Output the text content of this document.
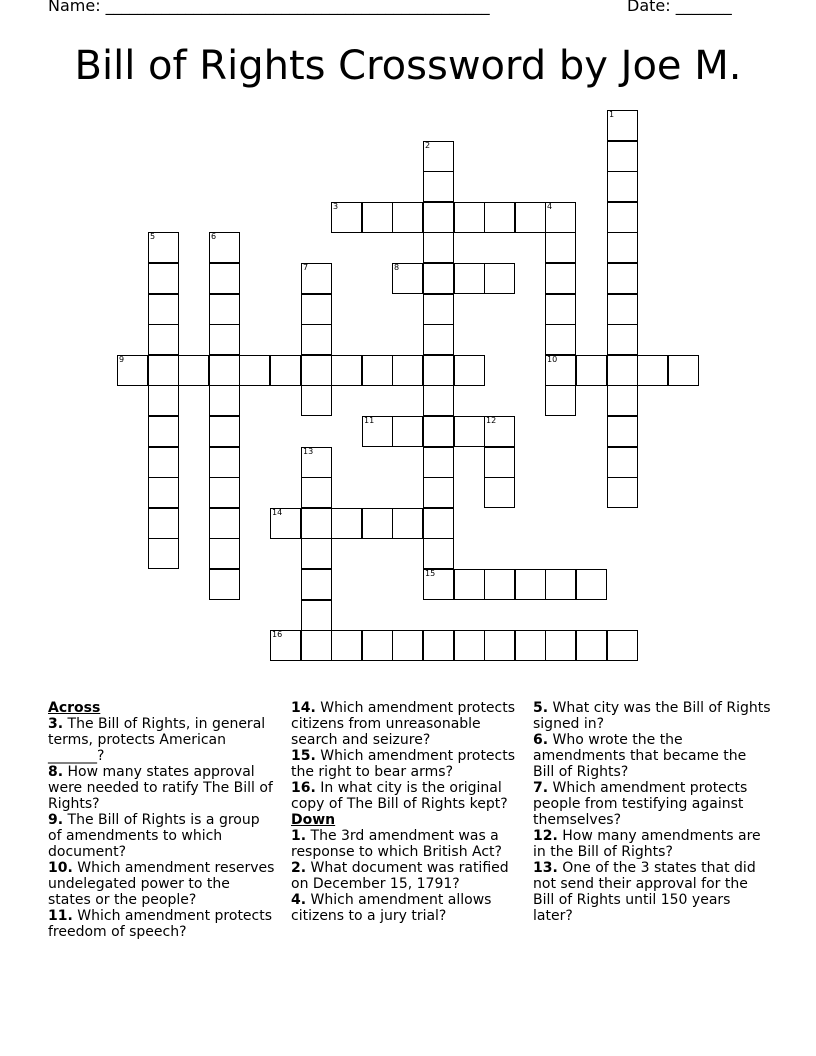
Name: ________________________________________________	Date: _______
Bill of Rights Crossword by Joe M.
1
2
15
3	4
10
5	6
7	8
9
11	12
13
14
16

Across

3. The Bill of Rights, in general terms, protects American _______?

8. How many states approval were needed to ratify The Bill of Rights?

9. The Bill of Rights is a group of amendments to which document?

10. Which amendment reserves undelegated power to the states or the people?

11. Which amendment protects freedom of speech?

14. Which amendment protects citizens from unreasonable search and seizure?

15. Which amendment protects the right to bear arms?

16. In what city is the original copy of The Bill of Rights kept?

Down

1. The 3rd amendment was a response to which British Act?

2. What document was ratified on December 15, 1791?

4. Which amendment allows citizens to a jury trial?

5. What city was the Bill of Rights signed in?

6. Who wrote the the amendments that became the Bill of Rights?

7. Which amendment protects people from testifying against themselves?

12. How many amendments are in the Bill of Rights?

13. One of the 3 states that did not send their approval for the Bill of Rights until 150 years later?
